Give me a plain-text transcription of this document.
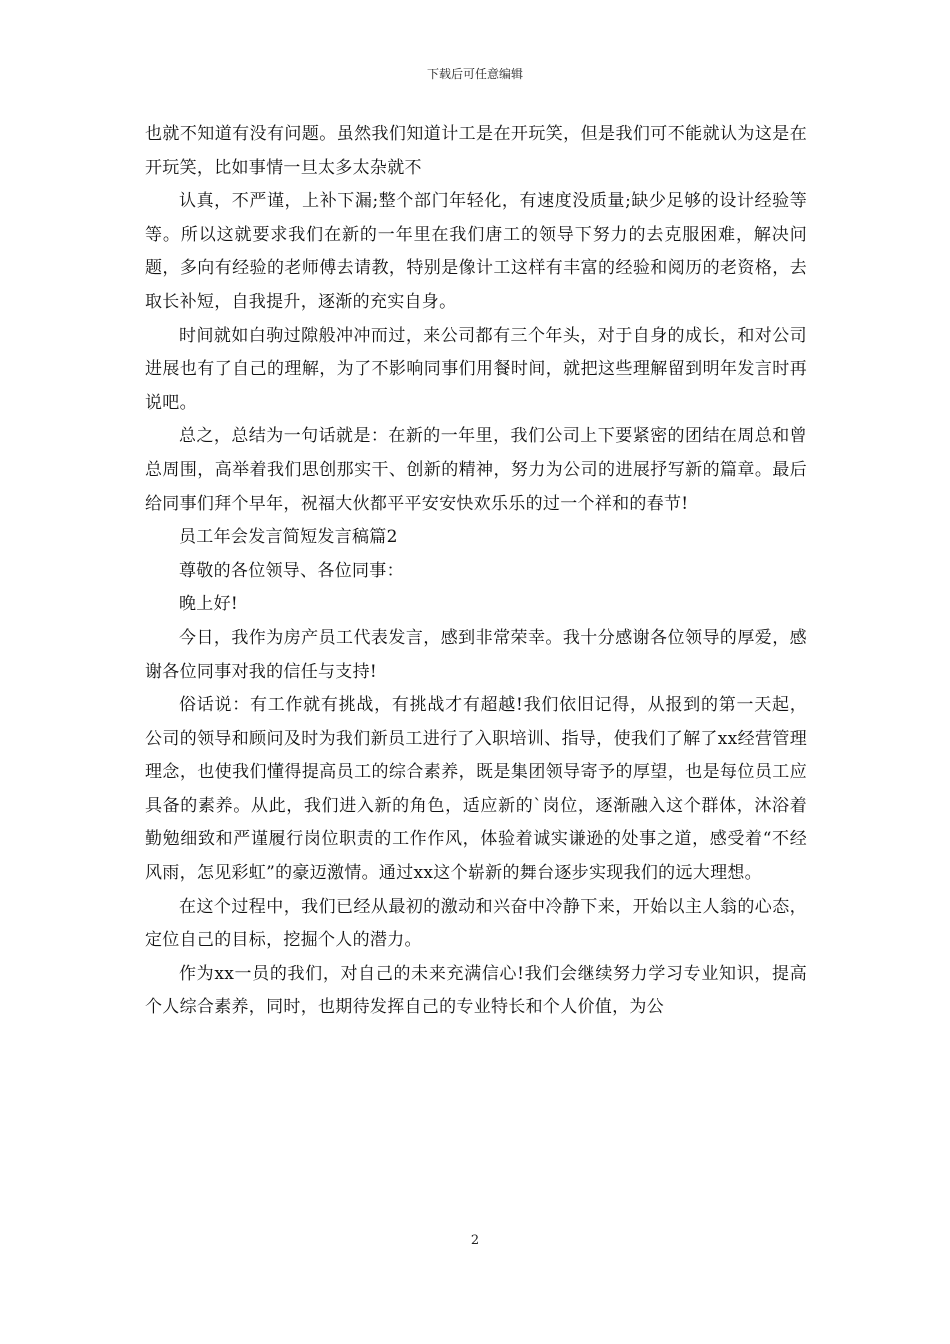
下载后可任意编辑

也就不知道有没有问题。虽然我们知道计工是在开玩笑，但是我们可不能就认为这是在开玩笑，比如事情一旦太多太杂就不

认真，不严谨，上补下漏;整个部门年轻化，有速度没质量;缺少足够的设计经验等等。所以这就要求我们在新的一年里在我们唐工的领导下努力的去克服困难，解决问题，多向有经验的老师傅去请教，特别是像计工这样有丰富的经验和阅历的老资格，去取长补短，自我提升，逐渐的充实自身。

时间就如白驹过隙般冲冲而过，来公司都有三个年头，对于自身的成长，和对公司进展也有了自己的理解，为了不影响同事们用餐时间，就把这些理解留到明年发言时再说吧。

总之，总结为一句话就是：在新的一年里，我们公司上下要紧密的团结在周总和曾总周围，高举着我们思创那实干、创新的精神，努力为公司的进展抒写新的篇章。最后给同事们拜个早年，祝福大伙都平平安安快欢乐乐的过一个祥和的春节!

员工年会发言简短发言稿篇2

尊敬的各位领导、各位同事：

晚上好!

今日，我作为房产员工代表发言，感到非常荣幸。我十分感谢各位领导的厚爱，感谢各位同事对我的信任与支持!

俗话说：有工作就有挑战，有挑战才有超越!我们依旧记得，从报到的第一天起，公司的领导和顾问及时为我们新员工进行了入职培训、指导，使我们了解了xx经营管理理念，也使我们懂得提高员工的综合素养，既是集团领导寄予的厚望，也是每位员工应具备的素养。从此，我们进入新的角色，适应新的`岗位，逐渐融入这个群体，沐浴着勤勉细致和严谨履行岗位职责的工作作风，体验着诚实谦逊的处事之道，感受着“不经风雨，怎见彩虹”的豪迈激情。通过xx这个崭新的舞台逐步实现我们的远大理想。

在这个过程中，我们已经从最初的激动和兴奋中冷静下来，开始以主人翁的心态，定位自己的目标，挖掘个人的潜力。

作为xx一员的我们，对自己的未来充满信心!我们会继续努力学习专业知识，提高个人综合素养，同时，也期待发挥自己的专业特长和个人价值，为公

2
